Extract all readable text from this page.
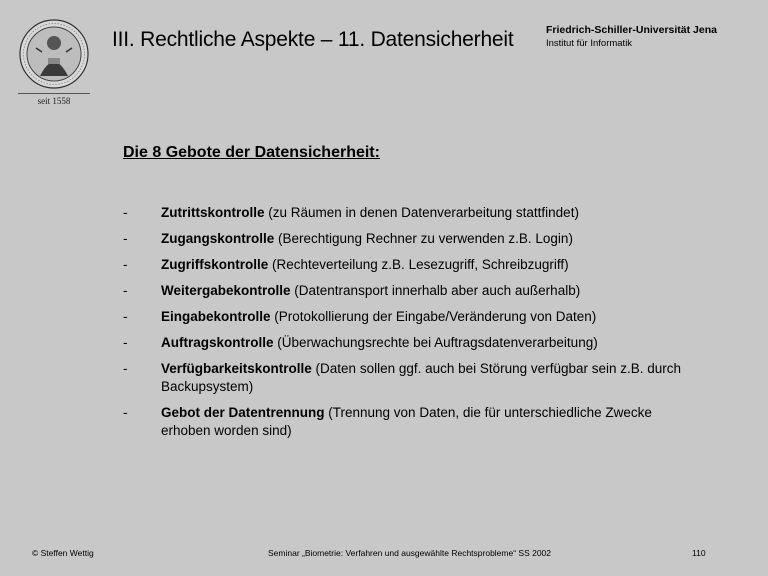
seit 1558
III. Rechtliche Aspekte – 11. Datensicherheit	Friedrich-Schiller-Universität Jena
Institut für Informatik
Die 8 Gebote der Datensicherheit:
-	Zutrittskontrolle (zu Räumen in denen Datenverarbeitung stattfindet)
-	Zugangskontrolle (Berechtigung Rechner zu verwenden z.B. Login)
-	Zugriffskontrolle (Rechteverteilung z.B. Lesezugriff, Schreibzugriff)
-	Weitergabekontrolle (Datentransport innerhalb aber auch außerhalb)
-	Eingabekontrolle (Protokollierung der Eingabe/Veränderung von Daten)
-	Auftragskontrolle (Überwachungsrechte bei Auftragsdatenverarbeitung)
-	Verfügbarkeitskontrolle (Daten sollen ggf. auch bei Störung verfügbar sein z.B. durch Backupsystem)
-	Gebot der Datentrennung (Trennung von Daten, die für unterschiedliche Zwecke erhoben worden sind)
© Steffen Wettig	Seminar „Biometrie: Verfahren und ausgewählte Rechtsprobleme“ SS 2002	110
